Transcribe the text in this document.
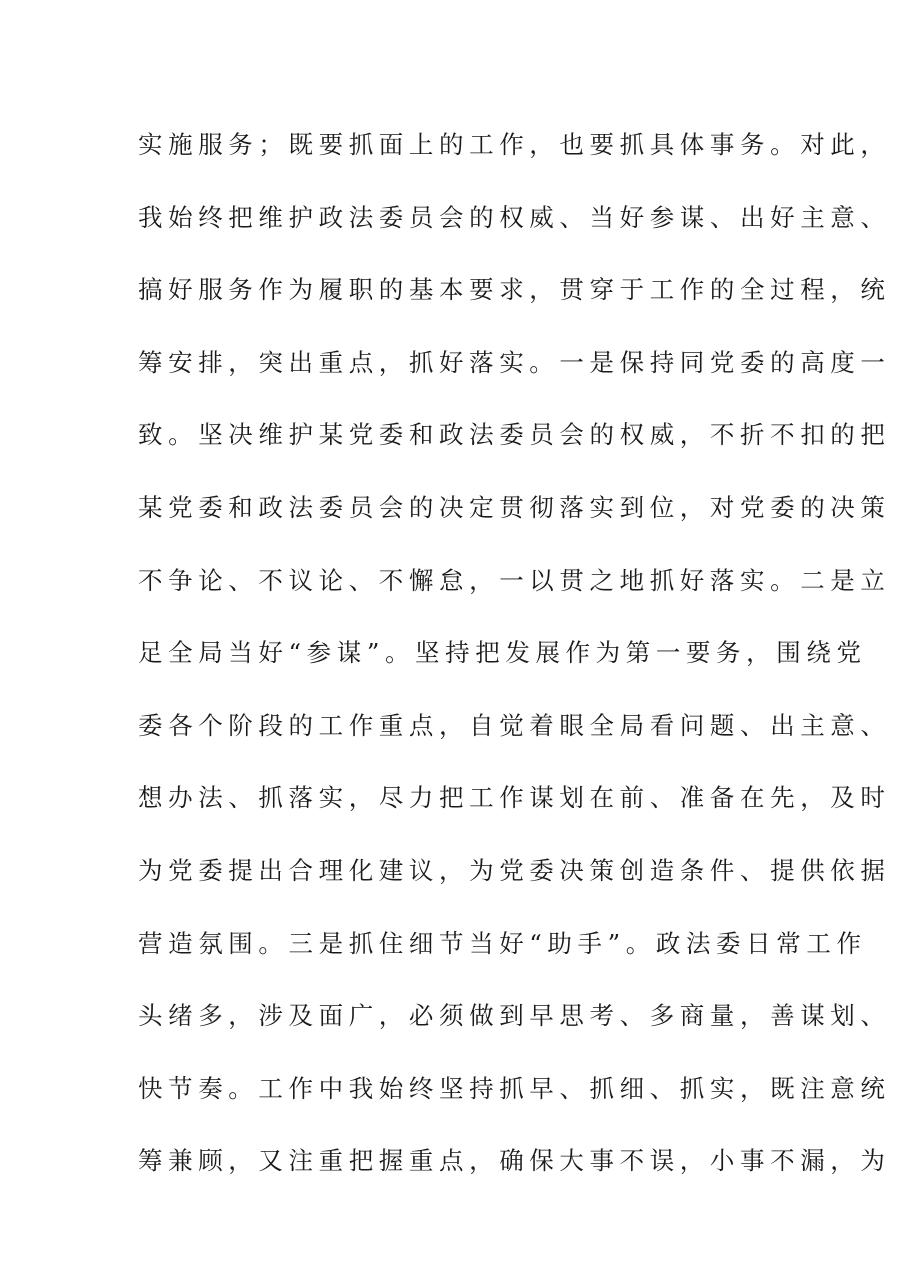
实施服务；既要抓面上的工作，也要抓具体事务。对此，
我始终把维护政法委员会的权威、当好参谋、出好主意、
搞好服务作为履职的基本要求，贯穿于工作的全过程，统
筹安排，突出重点，抓好落实。一是保持同党委的高度一
致。坚决维护某党委和政法委员会的权威，不折不扣的把
某党委和政法委员会的决定贯彻落实到位，对党委的决策
不争论、不议论、不懈怠，一以贯之地抓好落实。二是立
足全局当好“参谋”。坚持把发展作为第一要务，围绕党
委各个阶段的工作重点，自觉着眼全局看问题、出主意、
想办法、抓落实，尽力把工作谋划在前、准备在先，及时
为党委提出合理化建议，为党委决策创造条件、提供依据
营造氛围。三是抓住细节当好“助手”。政法委日常工作
头绪多，涉及面广，必须做到早思考、多商量，善谋划、
快节奏。工作中我始终坚持抓早、抓细、抓实，既注意统
筹兼顾，又注重把握重点，确保大事不误，小事不漏，为
